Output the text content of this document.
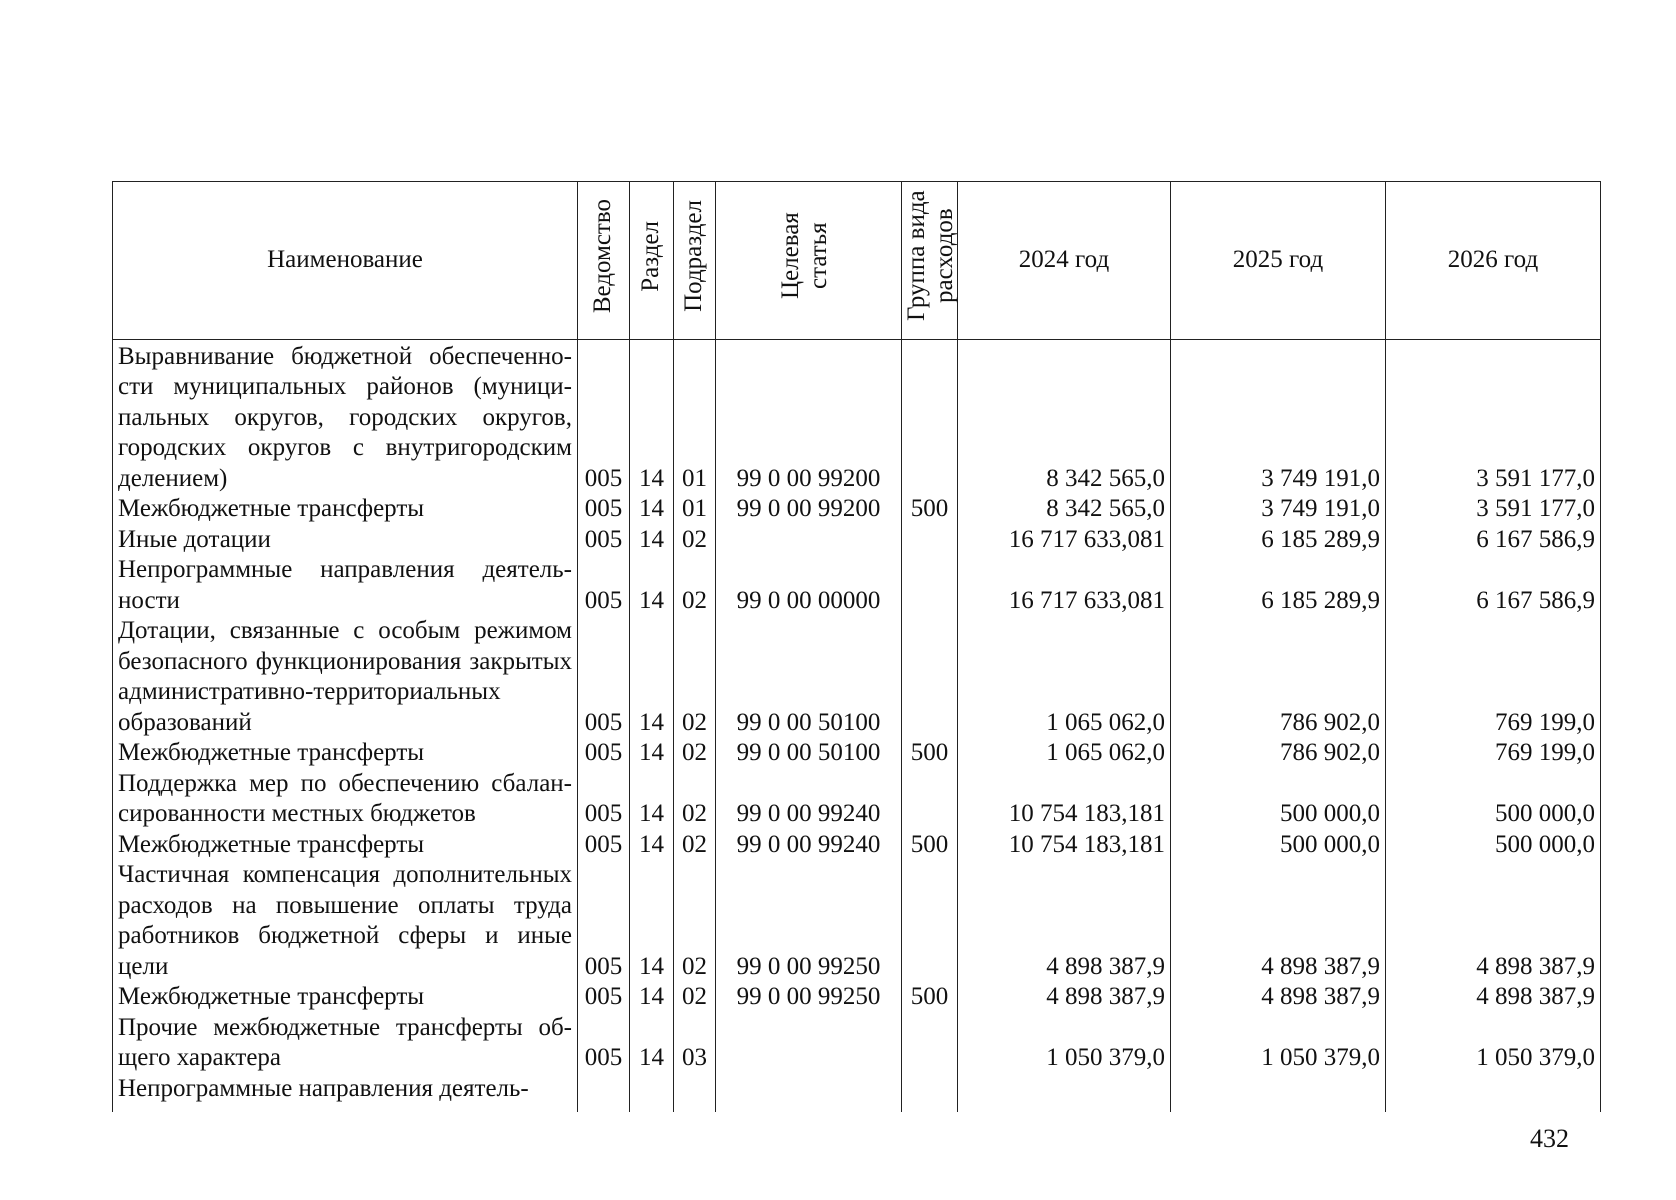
Наименование	Ведомство	Раздел	Подраздел	Целевая статья	Группа вида расходов	2024 год	2025 год	2026 год
Выравнивание бюджетной обеспеченности муниципальных районов (муниципальных округов, городских округов, городских округов с внутригородским делением)	005	14	01	99 0 00 99200		8 342 565,0	3 749 191,0	3 591 177,0
Межбюджетные трансферты	005	14	01	99 0 00 99200	500	8 342 565,0	3 749 191,0	3 591 177,0
Иные дотации	005	14	02			16 717 633,081	6 185 289,9	6 167 586,9
Непрограммные направления деятельности	005	14	02	99 0 00 00000		16 717 633,081	6 185 289,9	6 167 586,9
Дотации, связанные с особым режимом безопасного функционирования закрытых административно-территориальных образований	005	14	02	99 0 00 50100		1 065 062,0	786 902,0	769 199,0
Межбюджетные трансферты	005	14	02	99 0 00 50100	500	1 065 062,0	786 902,0	769 199,0
Поддержка мер по обеспечению сбалансированности местных бюджетов	005	14	02	99 0 00 99240		10 754 183,181	500 000,0	500 000,0
Межбюджетные трансферты	005	14	02	99 0 00 99240	500	10 754 183,181	500 000,0	500 000,0
Частичная компенсация дополнительных расходов на повышение оплаты труда работников бюджетной сферы и иные цели	005	14	02	99 0 00 99250		4 898 387,9	4 898 387,9	4 898 387,9
Межбюджетные трансферты	005	14	02	99 0 00 99250	500	4 898 387,9	4 898 387,9	4 898 387,9
Прочие межбюджетные трансферты общего характера	005	14	03			1 050 379,0	1 050 379,0	1 050 379,0
Непрограммные направления деятель-								
432
